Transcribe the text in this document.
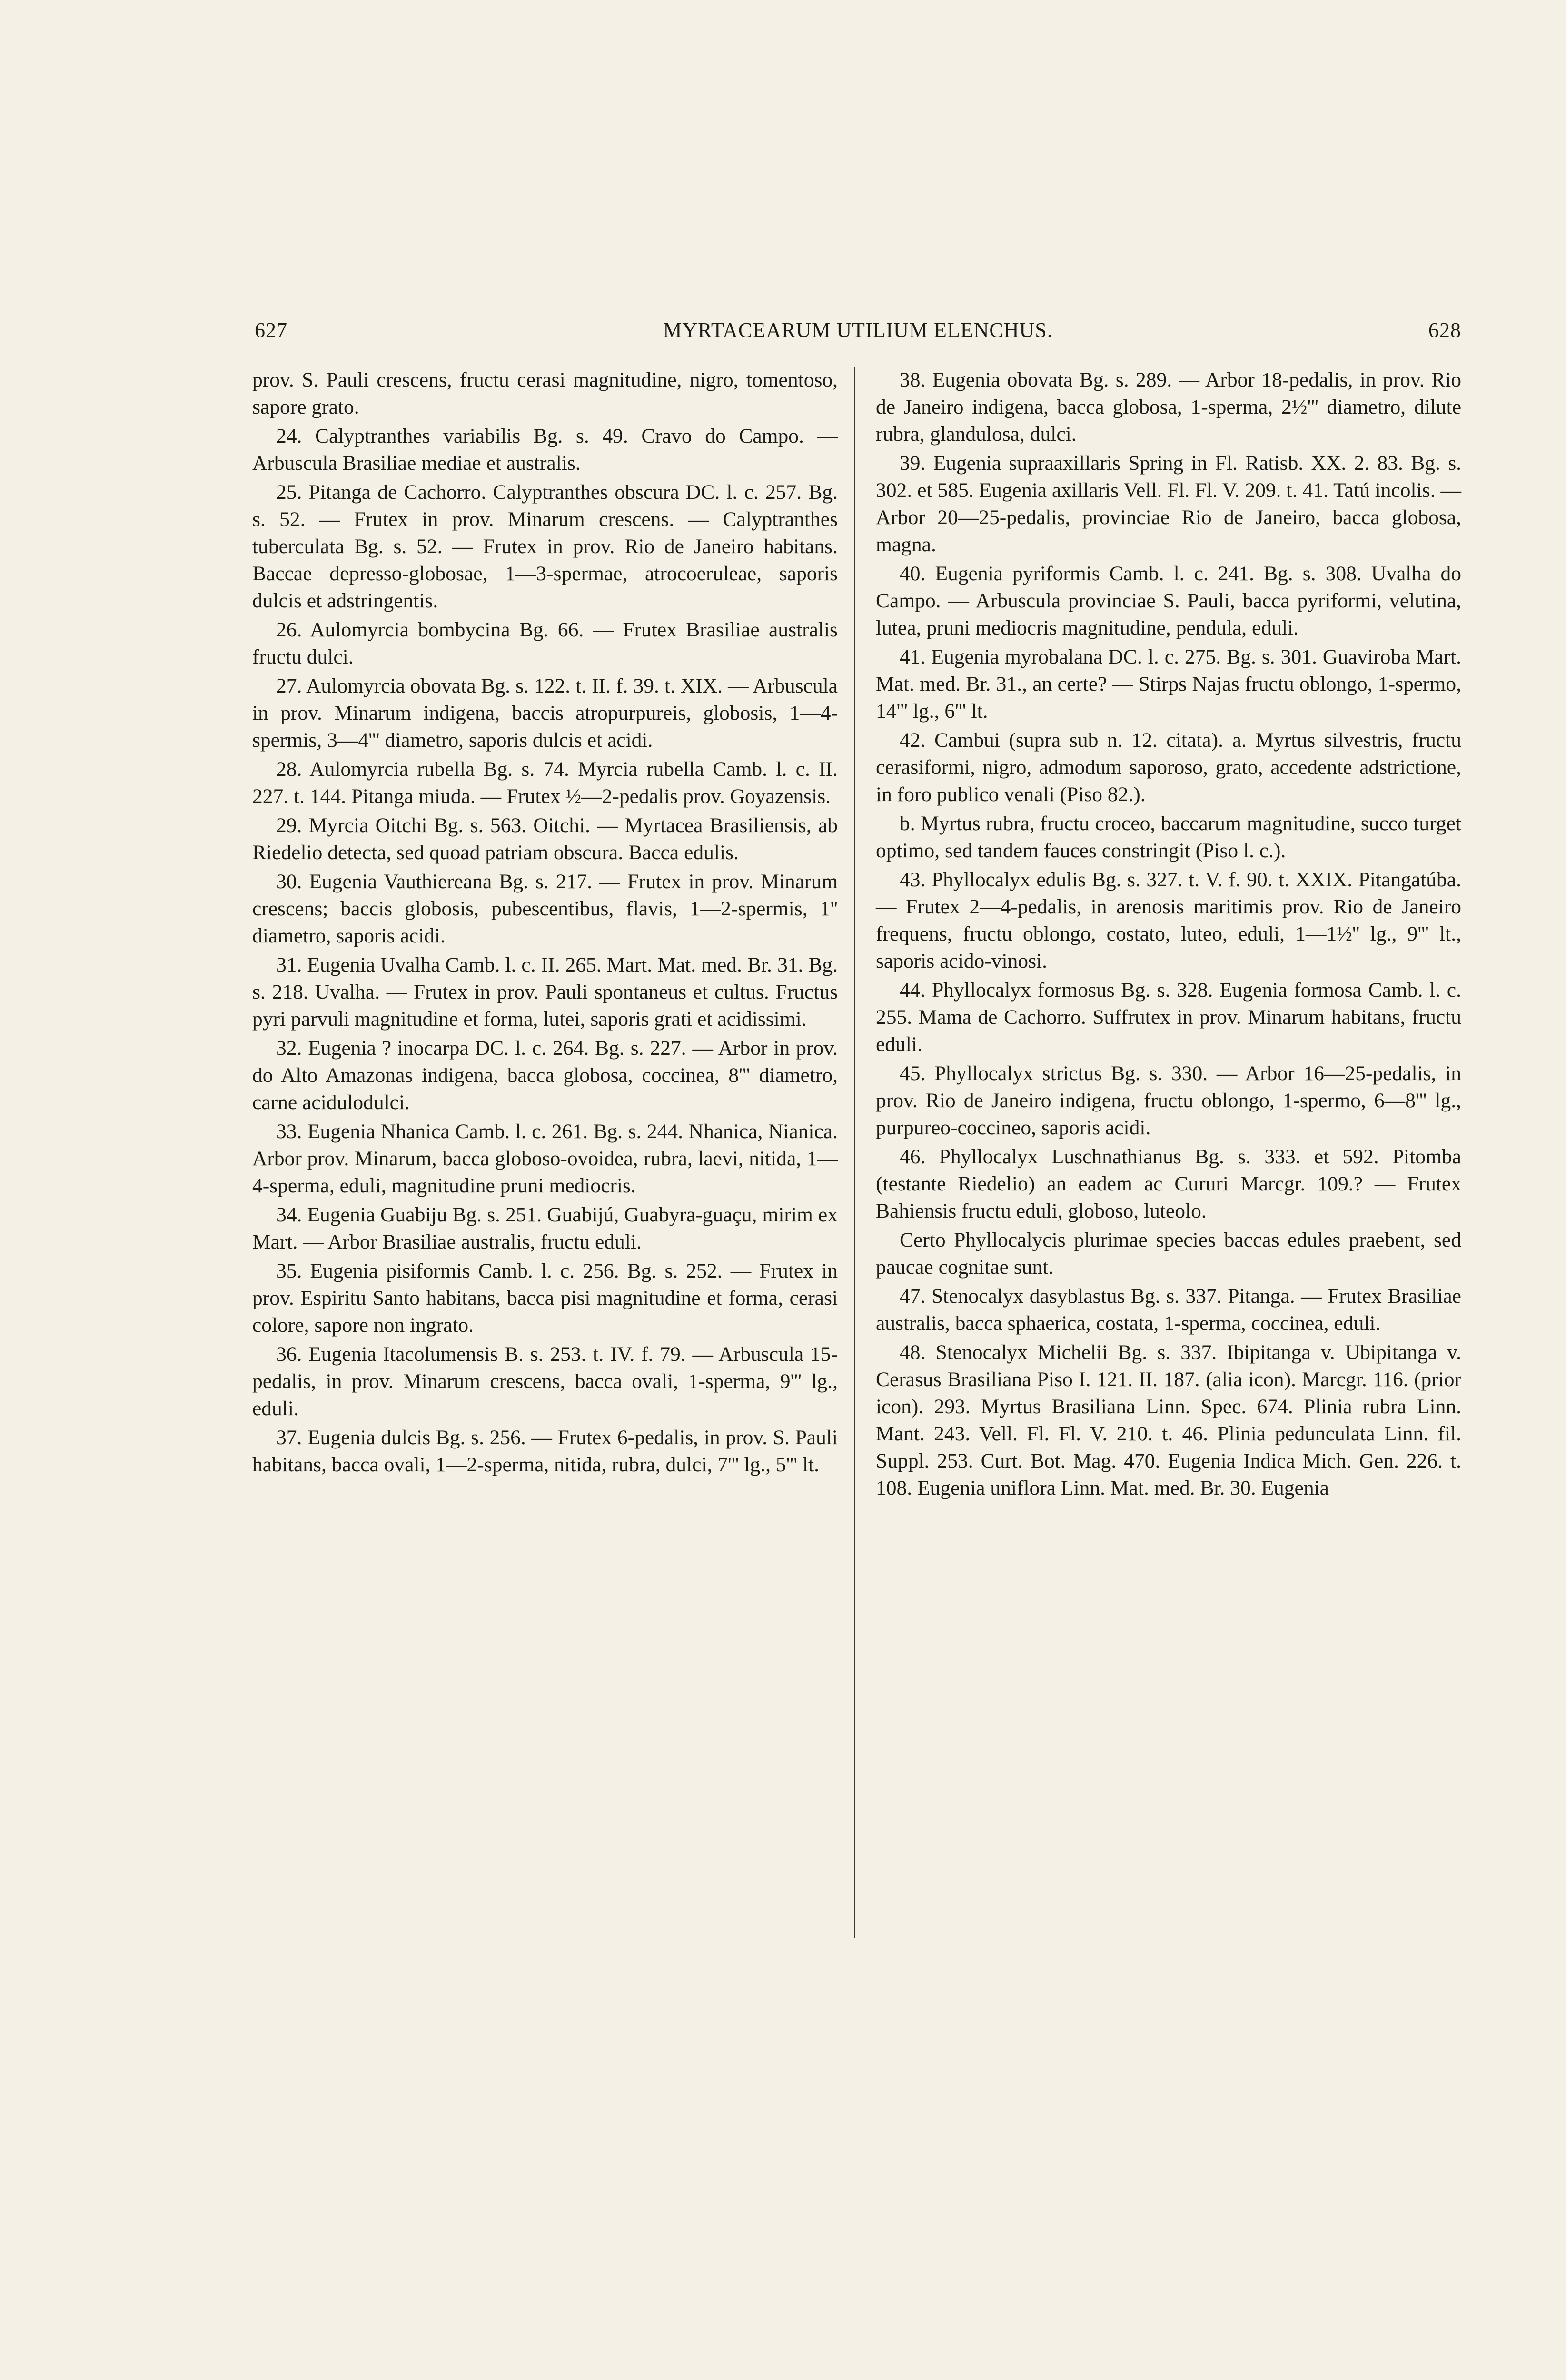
MYRTACEARUM UTILIUM ELENCHUS.
627	628

prov. S. Pauli crescens, fructu cerasi magnitudine, nigro, tomentoso, sapore grato.

24. Calyptranthes variabilis Bg. s. 49. Cravo do Campo. — Arbuscula Brasiliae mediae et australis.

25. Pitanga de Cachorro. Calyptranthes obscura DC. l. c. 257. Bg. s. 52. — Frutex in prov. Minarum crescens. — Calyptranthes tuberculata Bg. s. 52. — Frutex in prov. Rio de Janeiro habitans. Baccae depresso-globosae, 1—3-spermae, atrocoeruleae, saporis dulcis et adstringentis.

26. Aulomyrcia bombycina Bg. 66. — Frutex Brasiliae australis fructu dulci.

27. Aulomyrcia obovata Bg. s. 122. t. II. f. 39. t. XIX. — Arbuscula in prov. Minarum indigena, baccis atropurpureis, globosis, 1—4-spermis, 3—4''' diametro, saporis dulcis et acidi.

28. Aulomyrcia rubella Bg. s. 74. Myrcia rubella Camb. l. c. II. 227. t. 144. Pitanga miuda. — Frutex ½—2-pedalis prov. Goyazensis.

29. Myrcia Oitchi Bg. s. 563. Oitchi. — Myrtacea Brasiliensis, ab Riedelio detecta, sed quoad patriam obscura. Bacca edulis.

30. Eugenia Vauthiereana Bg. s. 217. — Frutex in prov. Minarum crescens; baccis globosis, pubescentibus, flavis, 1—2-spermis, 1'' diametro, saporis acidi.

31. Eugenia Uvalha Camb. l. c. II. 265. Mart. Mat. med. Br. 31. Bg. s. 218. Uvalha. — Frutex in prov. Pauli spontaneus et cultus. Fructus pyri parvuli magnitudine et forma, lutei, saporis grati et acidissimi.

32. Eugenia ? inocarpa DC. l. c. 264. Bg. s. 227. — Arbor in prov. do Alto Amazonas indigena, bacca globosa, coccinea, 8''' diametro, carne acidulodulci.

33. Eugenia Nhanica Camb. l. c. 261. Bg. s. 244. Nhanica, Nianica. Arbor prov. Minarum, bacca globoso-ovoidea, rubra, laevi, nitida, 1—4-sperma, eduli, magnitudine pruni mediocris.

34. Eugenia Guabiju Bg. s. 251. Guabijú, Guabyra-guaçu, mirim ex Mart. — Arbor Brasiliae australis, fructu eduli.

35. Eugenia pisiformis Camb. l. c. 256. Bg. s. 252. — Frutex in prov. Espiritu Santo habitans, bacca pisi magnitudine et forma, cerasi colore, sapore non ingrato.

36. Eugenia Itacolumensis B. s. 253. t. IV. f. 79. — Arbuscula 15-pedalis, in prov. Minarum crescens, bacca ovali, 1-sperma, 9''' lg., eduli.

37. Eugenia dulcis Bg. s. 256. — Frutex 6-pedalis, in prov. S. Pauli habitans, bacca ovali, 1—2-sperma, nitida, rubra, dulci, 7''' lg., 5''' lt.

38. Eugenia obovata Bg. s. 289. — Arbor 18-pedalis, in prov. Rio de Janeiro indigena, bacca globosa, 1-sperma, 2½''' diametro, dilute rubra, glandulosa, dulci.

39. Eugenia supraaxillaris Spring in Fl. Ratisb. XX. 2. 83. Bg. s. 302. et 585. Eugenia axillaris Vell. Fl. Fl. V. 209. t. 41. Tatú incolis. — Arbor 20—25-pedalis, provinciae Rio de Janeiro, bacca globosa, magna.

40. Eugenia pyriformis Camb. l. c. 241. Bg. s. 308. Uvalha do Campo. — Arbuscula provinciae S. Pauli, bacca pyriformi, velutina, lutea, pruni mediocris magnitudine, pendula, eduli.

41. Eugenia myrobalana DC. l. c. 275. Bg. s. 301. Guaviroba Mart. Mat. med. Br. 31., an certe? — Stirps Najas fructu oblongo, 1-spermo, 14''' lg., 6''' lt.

42. Cambui (supra sub n. 12. citata). a. Myrtus silvestris, fructu cerasiformi, nigro, admodum saporoso, grato, accedente adstrictione, in foro publico venali (Piso 82.).

b. Myrtus rubra, fructu croceo, baccarum magnitudine, succo turget optimo, sed tandem fauces constringit (Piso l. c.).

43. Phyllocalyx edulis Bg. s. 327. t. V. f. 90. t. XXIX. Pitangatúba. — Frutex 2—4-pedalis, in arenosis maritimis prov. Rio de Janeiro frequens, fructu oblongo, costato, luteo, eduli, 1—1½'' lg., 9''' lt., saporis acido-vinosi.

44. Phyllocalyx formosus Bg. s. 328. Eugenia formosa Camb. l. c. 255. Mama de Cachorro. Suffrutex in prov. Minarum habitans, fructu eduli.

45. Phyllocalyx strictus Bg. s. 330. — Arbor 16—25-pedalis, in prov. Rio de Janeiro indigena, fructu oblongo, 1-spermo, 6—8''' lg., purpureo-coccineo, saporis acidi.

46. Phyllocalyx Luschnathianus Bg. s. 333. et 592. Pitomba (testante Riedelio) an eadem ac Cururi Marcgr. 109.? — Frutex Bahiensis fructu eduli, globoso, luteolo.

Certo Phyllocalycis plurimae species baccas edules praebent, sed paucae cognitae sunt.

47. Stenocalyx dasyblastus Bg. s. 337. Pitanga. — Frutex Brasiliae australis, bacca sphaerica, costata, 1-sperma, coccinea, eduli.

48. Stenocalyx Michelii Bg. s. 337. Ibipitanga v. Ubipitanga v. Cerasus Brasiliana Piso I. 121. II. 187. (alia icon). Marcgr. 116. (prior icon). 293. Myrtus Brasiliana Linn. Spec. 674. Plinia rubra Linn. Mant. 243. Vell. Fl. Fl. V. 210. t. 46. Plinia pedunculata Linn. fil. Suppl. 253. Curt. Bot. Mag. 470. Eugenia Indica Mich. Gen. 226. t. 108. Eugenia uniflora Linn. Mat. med. Br. 30. Eugenia
